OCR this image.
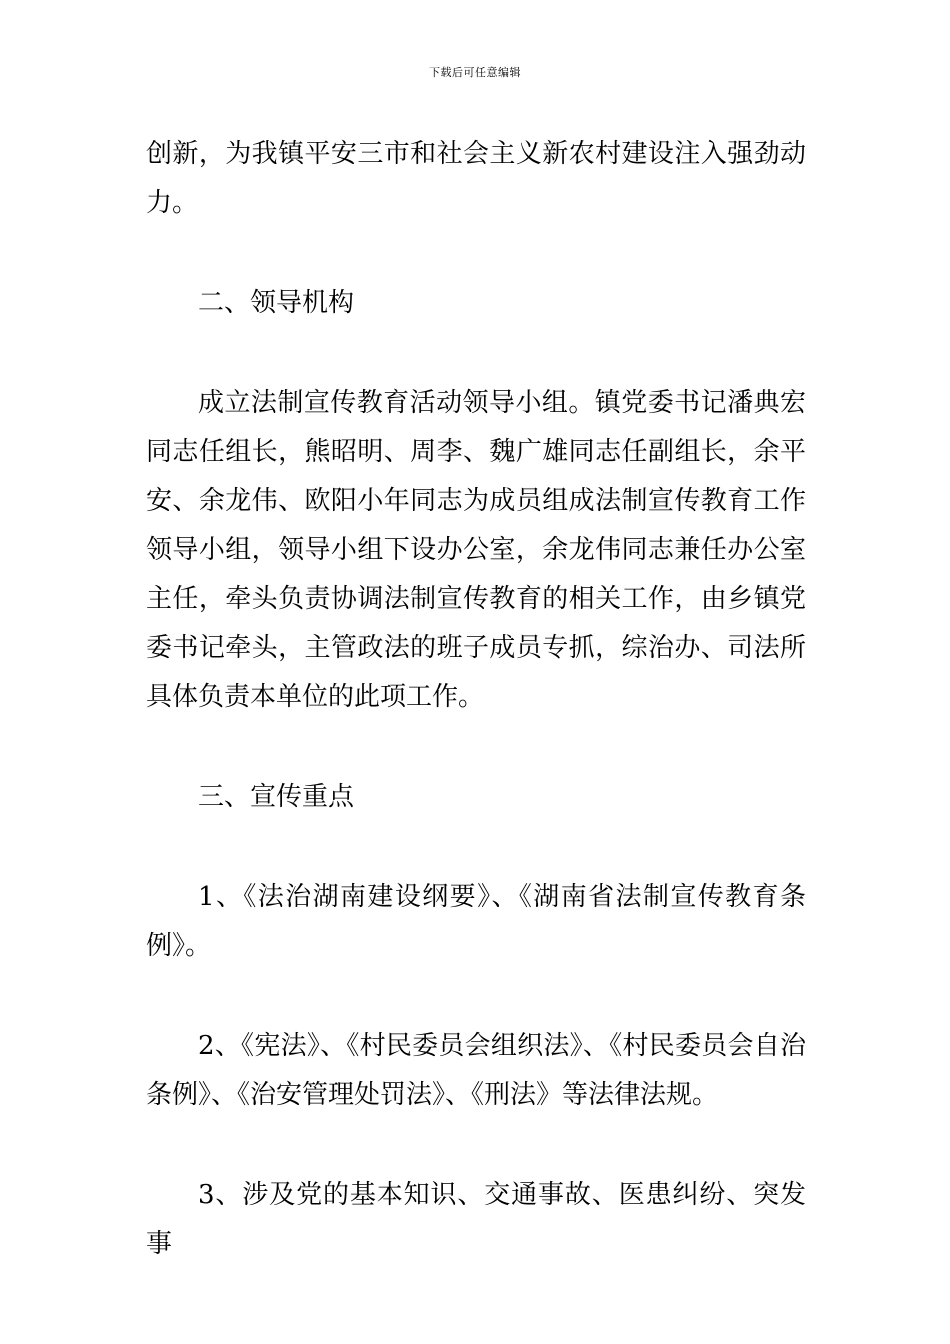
下载后可任意编辑

创新，为我镇平安三市和社会主义新农村建设注入强劲动力。

二、领导机构

成立法制宣传教育活动领导小组。镇党委书记潘典宏同志任组长，熊昭明、周李、魏广雄同志任副组长，余平安、余龙伟、欧阳小年同志为成员组成法制宣传教育工作领导小组，领导小组下设办公室，余龙伟同志兼任办公室主任，牵头负责协调法制宣传教育的相关工作，由乡镇党委书记牵头，主管政法的班子成员专抓，综治办、司法所具体负责本单位的此项工作。

三、宣传重点

1、《法治湖南建设纲要》、《湖南省法制宣传教育条例》。

2、《宪法》、《村民委员会组织法》、《村民委员会自治条例》、《治安管理处罚法》、《刑法》等法律法规。

3、涉及党的基本知识、交通事故、医患纠纷、突发事
